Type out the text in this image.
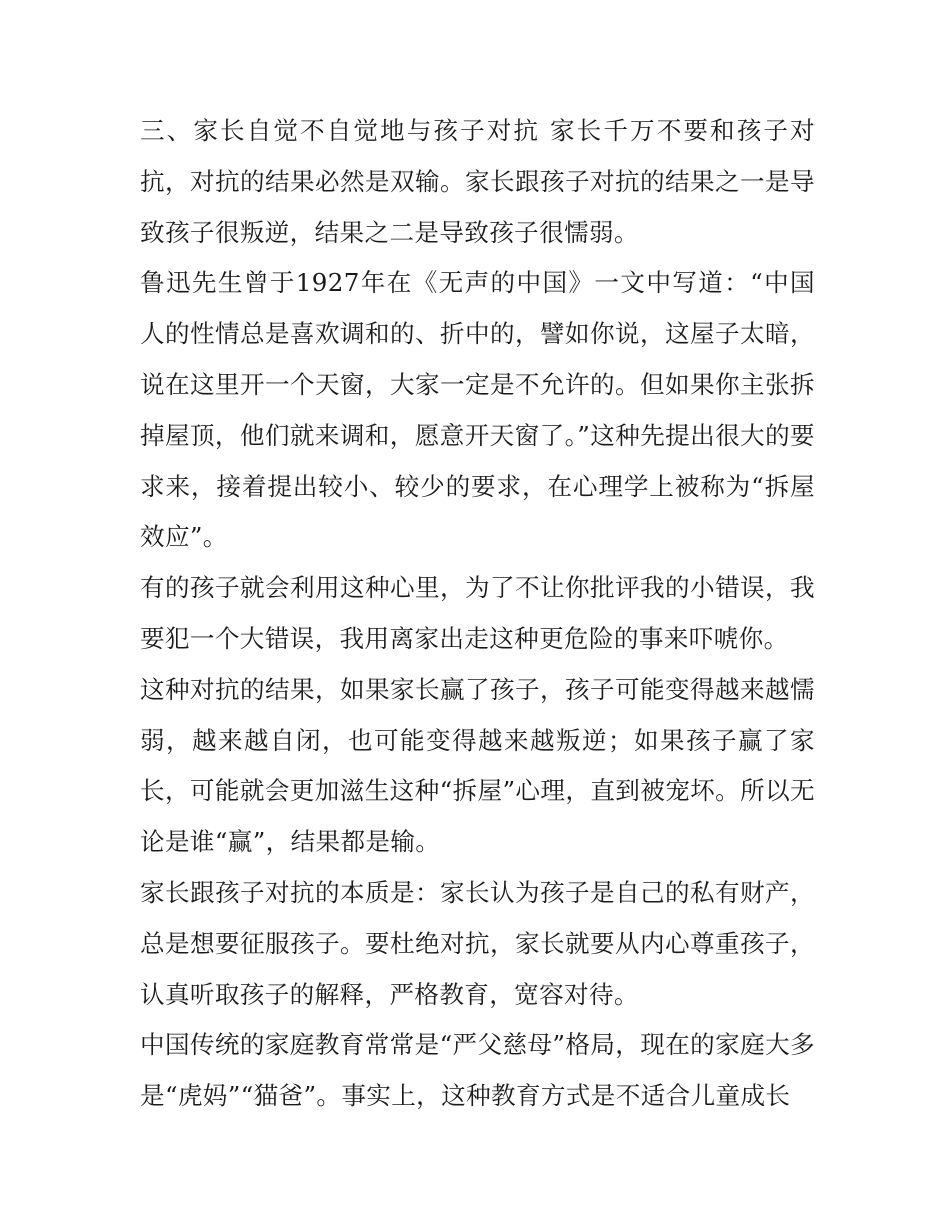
三、家长自觉不自觉地与孩子对抗 家长千万不要和孩子对抗，对抗的结果必然是双输。家长跟孩子对抗的结果之一是导致孩子很叛逆，结果之二是导致孩子很懦弱。

鲁迅先生曾于1927年在《无声的中国》一文中写道：“中国人的性情总是喜欢调和的、折中的，譬如你说，这屋子太暗，说在这里开一个天窗，大家一定是不允许的。但如果你主张拆掉屋顶，他们就来调和，愿意开天窗了。”这种先提出很大的要求来，接着提出较小、较少的要求，在心理学上被称为“拆屋效应”。

有的孩子就会利用这种心里，为了不让你批评我的小错误，我要犯一个大错误，我用离家出走这种更危险的事来吓唬你。

这种对抗的结果，如果家长赢了孩子，孩子可能变得越来越懦弱，越来越自闭，也可能变得越来越叛逆；如果孩子赢了家长，可能就会更加滋生这种“拆屋”心理，直到被宠坏。所以无论是谁“赢”，结果都是输。

家长跟孩子对抗的本质是：家长认为孩子是自己的私有财产，总是想要征服孩子。要杜绝对抗，家长就要从内心尊重孩子，认真听取孩子的解释，严格教育，宽容对待。

中国传统的家庭教育常常是“严父慈母”格局，现在的家庭大多是“虎妈”“猫爸”。事实上，这种教育方式是不适合儿童成长
